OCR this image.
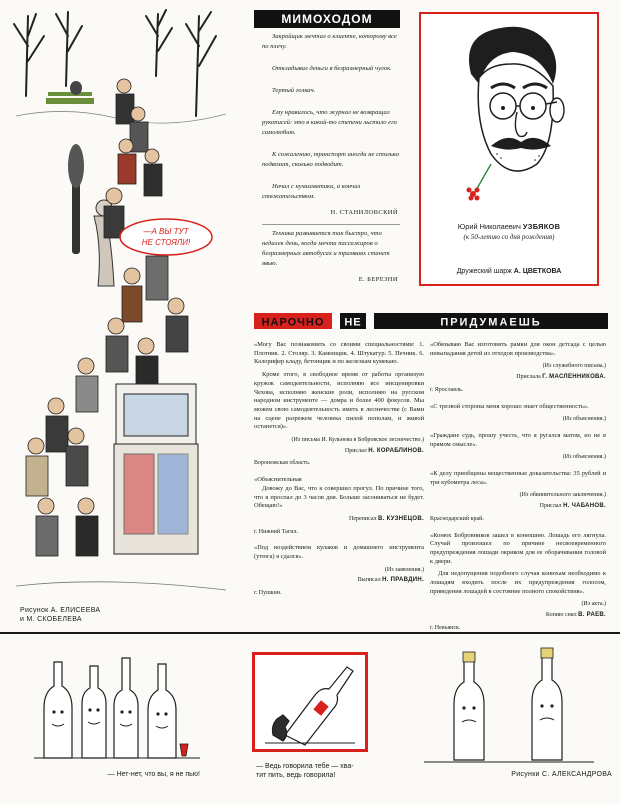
—А ВЫ ТУТ
НЕ СТОЯЛИ!
Рисунок А. ЕЛИСЕЕВА
и М. СКОБЕЛЕВА
МИМОХОДОМ

Закройщик мечтал о клиенте, которому все по плечу.

Откладывал деньги в безразмерный чулок.

Тертый голкач.

Ему нравилось, что журнал не возвращал рукописей: это в какой-то степени льстило его самолюбию.

К сожалению, транспорт иногда не столько подвозит, сколько подводит.

Начал с нумизматики, а кончил стяжательством.

Н. СТАНИЛОВСКИЙ

Техника развивается так быстро, что недалек день, когда мечта пассажиров о безразмерных автобусах и трамваях станет явью.

Е. БЕРЕЗНИ
Юрий Николаевич УЗБЯКОВ
(к 50-летию со дня рождения)
Дружеский шарж А. ЦВЕТКОВА
НАРОЧНО НЕ	ПРИДУМАЕШЬ

«Могу Вас познакомить со своими специальностями: 1. Плотник. 2. Столяр. 3. Каменщик. 4. Штукатур. 5. Печник. 6. Калорифер кладу, бетонщик и по железкам кумекаю.

Кроме этого, в свободное время от работы организую кружок самодеятельности, исполняю все инсценировки Чехова, исполняю женские роли, исполняю на русском народном инструменте — домра и более 400 фокусов. Мы можем свою самодеятельность иметь в лесничестве (с Вами на сцене разрежем человека пилой пополам, и живой останется)».

(Из письма И. Кульнева в Бобровское лесничество.)

Прислал Н. КОРАБЛИНОВ.

Воронежская область.

«Объяснительная

Довожу до Вас, что я совершил прогул. По причине того, что я проспал до 3 часов дня. Больше засониваться не будет. Обещаю!»

Переписал В. КУЗНЕЦОВ.

г. Нижний Тагил.

«Под воздействием кулаков и домашнего инструмента (утюга) я сдался».

(Из заявления.)

Выписал Н. ПРАВДИН.

г. Пушкин.

«Обязываю Вас изготовить рамки для окон детсада с целью невыпадания детей из отходов производства».

(Из служебного письма.)

Прислала Г. МАСЛЕННИКОВА.

г. Ярославль.

«С трезвой стороны меня хорошо знает общественность».

(Из объяснения.)

«Граждане судь, прошу учесть, что я ругался матом, но не в прямом смысле».

(Из объяснения.)

«К делу приобщены вещественные доказательства: 35 рублей и три кубометра леса».

(Из обвинительного заключения.)

Прислал Н. ЧАБАНОВ.

Краснодарский край.

«Конюх Бобровников зашел в конюшню. Лошадь его лягнула. Случай произошел по причине несвоевременного предупреждения лошади окриком для ее оборачивания головой к двери.

Для недопущения подобного случая конюхам необходимо к лошадям входить после их предупреждения голосом, приведения лошадей в состояние полного спокойствия».

(Из акта.)

Копию снял В. РАЕВ.

г. Невьянск.

— Нет-нет, что вы, я не пью!
— Ведь говорила тебе — хва-
тит пить, ведь говорила!	Рисунки С. АЛЕКСАНДРОВА
